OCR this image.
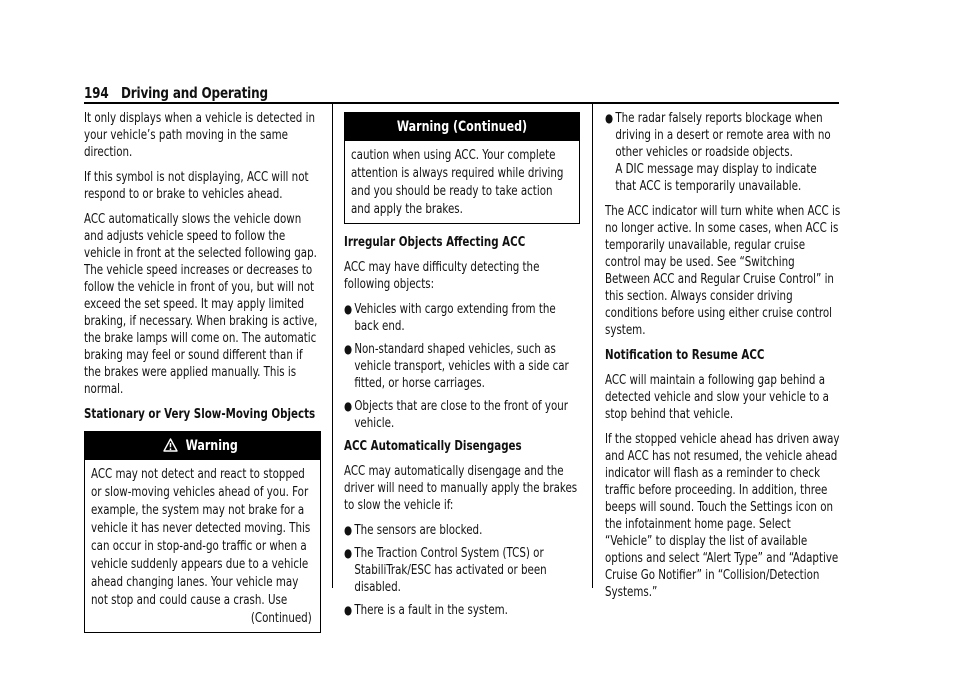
194 Driving and Operating

It only displays when a vehicle is detected in your vehicle’s path moving in the same direction.

If this symbol is not displaying, ACC will not respond to or brake to vehicles ahead.

ACC automatically slows the vehicle down and adjusts vehicle speed to follow the vehicle in front at the selected following gap. The vehicle speed increases or decreases to follow the vehicle in front of you, but will not exceed the set speed. It may apply limited braking, if necessary. When braking is active, the brake lamps will come on. The automatic braking may feel or sound different than if the brakes were applied manually. This is normal.

Stationary or Very Slow-Moving Objects
Warning

ACC may not detect and react to stopped or slow-moving vehicles ahead of you. For example, the system may not brake for a vehicle it has never detected moving. This can occur in stop-and-go traffic or when a vehicle suddenly appears due to a vehicle ahead changing lanes. Your vehicle may not stop and could cause a crash. Use

(Continued)
Warning (Continued)

caution when using ACC. Your complete attention is always required while driving and you should be ready to take action and apply the brakes.

Irregular Objects Affecting ACC

ACC may have difficulty detecting the following objects:

● Vehicles with cargo extending from the back end.
● Non-standard shaped vehicles, such as vehicle transport, vehicles with a side car fitted, or horse carriages.
● Objects that are close to the front of your vehicle.
ACC Automatically Disengages

ACC may automatically disengage and the driver will need to manually apply the brakes to slow the vehicle if:

● The sensors are blocked.
● The Traction Control System (TCS) or StabiliTrak/ESC has activated or been disabled.
● There is a fault in the system.
● The radar falsely reports blockage when driving in a desert or remote area with no other vehicles or roadside objects.
A DIC message may display to indicate that ACC is temporarily unavailable.

The ACC indicator will turn white when ACC is no longer active. In some cases, when ACC is temporarily unavailable, regular cruise control may be used. See “Switching Between ACC and Regular Cruise Control” in this section. Always consider driving conditions before using either cruise control system.

Notification to Resume ACC

ACC will maintain a following gap behind a detected vehicle and slow your vehicle to a stop behind that vehicle.

If the stopped vehicle ahead has driven away and ACC has not resumed, the vehicle ahead indicator will flash as a reminder to check traffic before proceeding. In addition, three beeps will sound. Touch the Settings icon on the infotainment home page. Select “Vehicle” to display the list of available options and select “Alert Type” and “Adaptive Cruise Go Notifier” in “Collision/Detection Systems.”
